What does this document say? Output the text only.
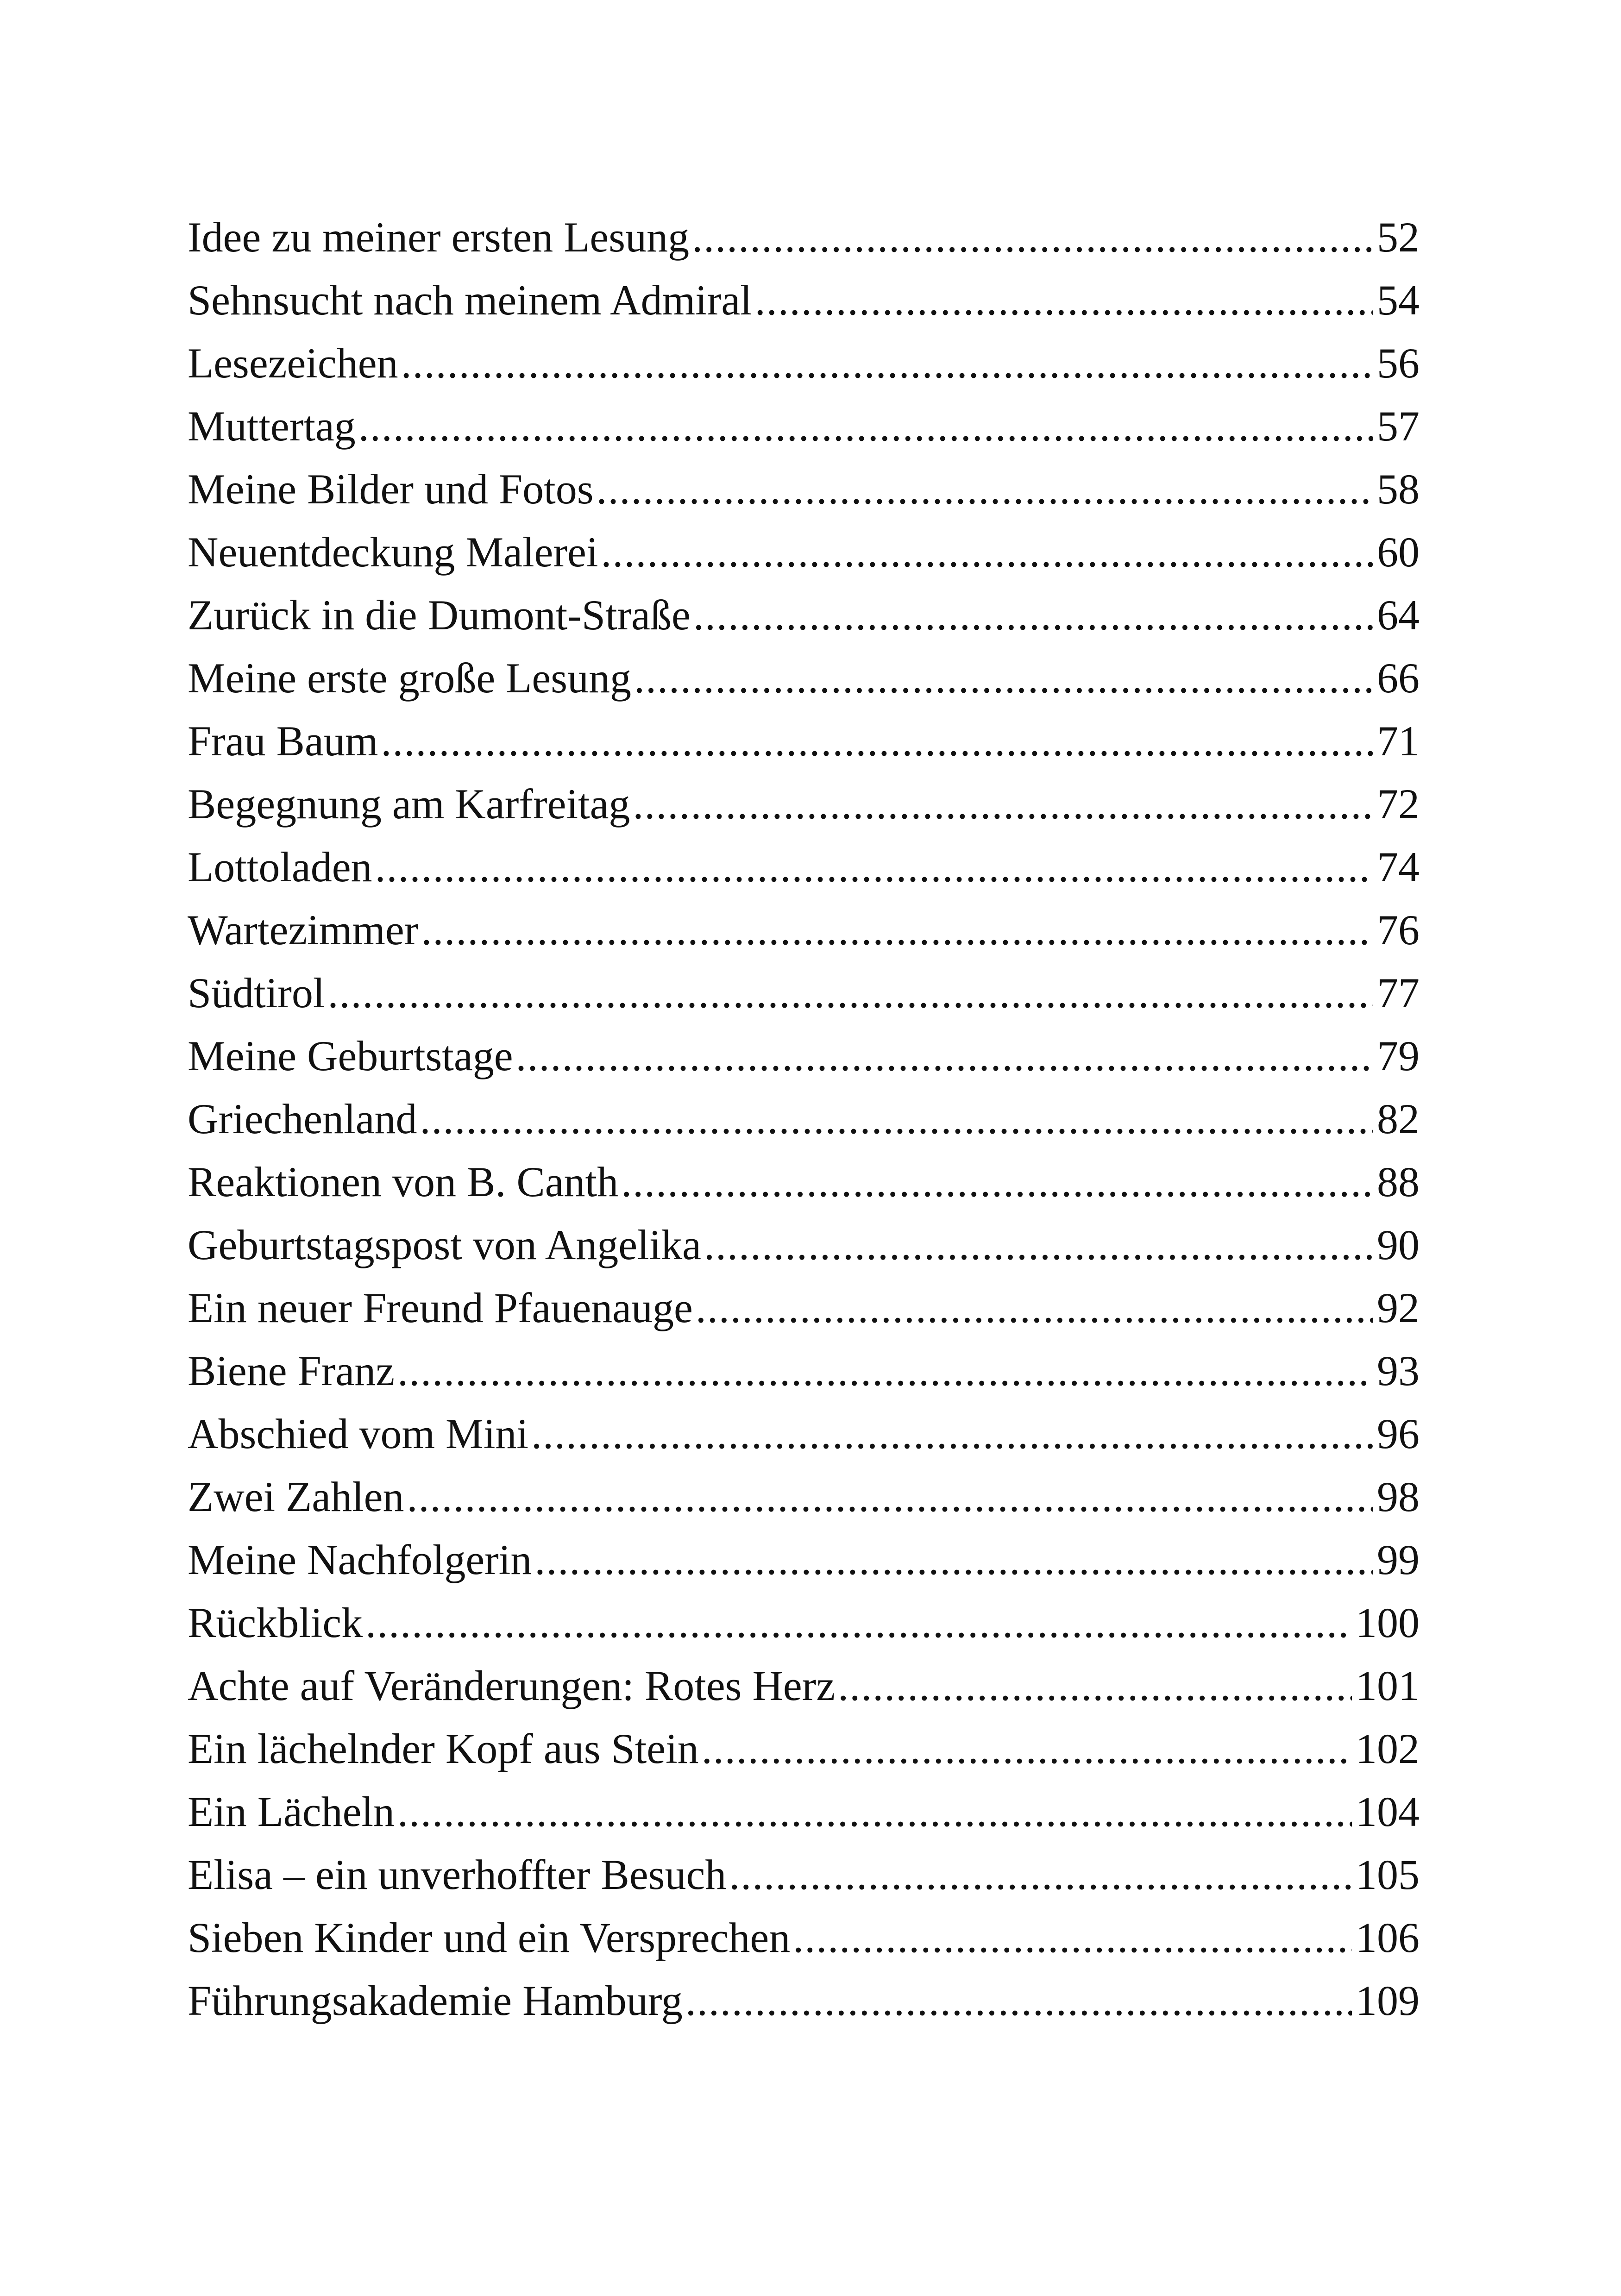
Idee zu meiner ersten Lesung .....	52
Sehnsucht nach meinem Admiral .....	54
Lesezeichen .....	56
Muttertag .....	57
Meine Bilder und Fotos .....	58
Neuentdeckung Malerei .....	60
Zurück in die Dumont-Straße .....	64
Meine erste große Lesung .....	66
Frau Baum .....	71
Begegnung am Karfreitag .....	72
Lottoladen .....	74
Wartezimmer .....	76
Südtirol .....	77
Meine Geburtstage .....	79
Griechenland .....	82
Reaktionen von B. Canth .....	88
Geburtstagspost von Angelika .....	90
Ein neuer Freund Pfauenauge .....	92
Biene Franz .....	93
Abschied vom Mini .....	96
Zwei Zahlen .....	98
Meine Nachfolgerin .....	99
Rückblick .....	100
Achte auf Veränderungen: Rotes Herz .....	101
Ein lächelnder Kopf aus Stein .....	102
Ein Lächeln .....	104
Elisa – ein unverhoffter Besuch .....	105
Sieben Kinder und ein Versprechen .....	106
Führungsakademie Hamburg .....	109
